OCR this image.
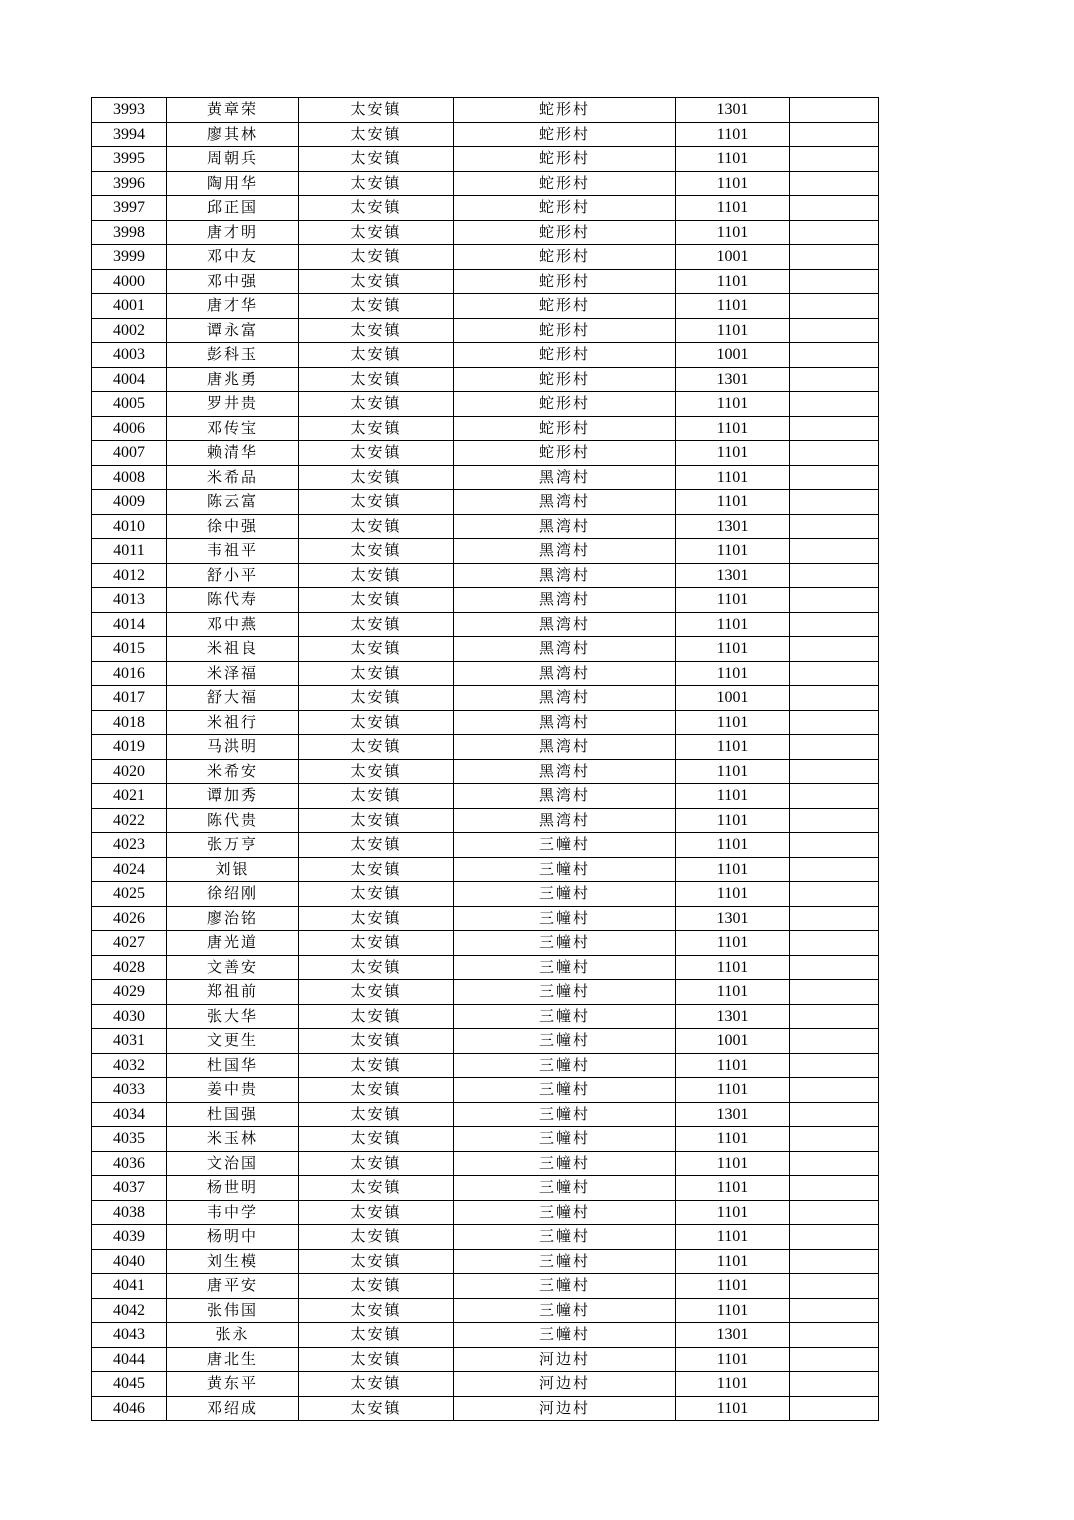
3993	黄章荣	太安镇	蛇形村	1301	
3994	廖其林	太安镇	蛇形村	1101	
3995	周朝兵	太安镇	蛇形村	1101	
3996	陶用华	太安镇	蛇形村	1101	
3997	邱正国	太安镇	蛇形村	1101	
3998	唐才明	太安镇	蛇形村	1101	
3999	邓中友	太安镇	蛇形村	1001	
4000	邓中强	太安镇	蛇形村	1101	
4001	唐才华	太安镇	蛇形村	1101	
4002	谭永富	太安镇	蛇形村	1101	
4003	彭科玉	太安镇	蛇形村	1001	
4004	唐兆勇	太安镇	蛇形村	1301	
4005	罗井贵	太安镇	蛇形村	1101	
4006	邓传宝	太安镇	蛇形村	1101	
4007	赖清华	太安镇	蛇形村	1101	
4008	米希品	太安镇	黑湾村	1101	
4009	陈云富	太安镇	黑湾村	1101	
4010	徐中强	太安镇	黑湾村	1301	
4011	韦祖平	太安镇	黑湾村	1101	
4012	舒小平	太安镇	黑湾村	1301	
4013	陈代寿	太安镇	黑湾村	1101	
4014	邓中燕	太安镇	黑湾村	1101	
4015	米祖良	太安镇	黑湾村	1101	
4016	米泽福	太安镇	黑湾村	1101	
4017	舒大福	太安镇	黑湾村	1001	
4018	米祖行	太安镇	黑湾村	1101	
4019	马洪明	太安镇	黑湾村	1101	
4020	米希安	太安镇	黑湾村	1101	
4021	谭加秀	太安镇	黑湾村	1101	
4022	陈代贵	太安镇	黑湾村	1101	
4023	张万亨	太安镇	三幢村	1101	
4024	刘银	太安镇	三幢村	1101	
4025	徐绍刚	太安镇	三幢村	1101	
4026	廖治铭	太安镇	三幢村	1301	
4027	唐光道	太安镇	三幢村	1101	
4028	文善安	太安镇	三幢村	1101	
4029	郑祖前	太安镇	三幢村	1101	
4030	张大华	太安镇	三幢村	1301	
4031	文更生	太安镇	三幢村	1001	
4032	杜国华	太安镇	三幢村	1101	
4033	姜中贵	太安镇	三幢村	1101	
4034	杜国强	太安镇	三幢村	1301	
4035	米玉林	太安镇	三幢村	1101	
4036	文治国	太安镇	三幢村	1101	
4037	杨世明	太安镇	三幢村	1101	
4038	韦中学	太安镇	三幢村	1101	
4039	杨明中	太安镇	三幢村	1101	
4040	刘生模	太安镇	三幢村	1101	
4041	唐平安	太安镇	三幢村	1101	
4042	张伟国	太安镇	三幢村	1101	
4043	张永	太安镇	三幢村	1301	
4044	唐北生	太安镇	河边村	1101	
4045	黄东平	太安镇	河边村	1101	
4046	邓绍成	太安镇	河边村	1101	
